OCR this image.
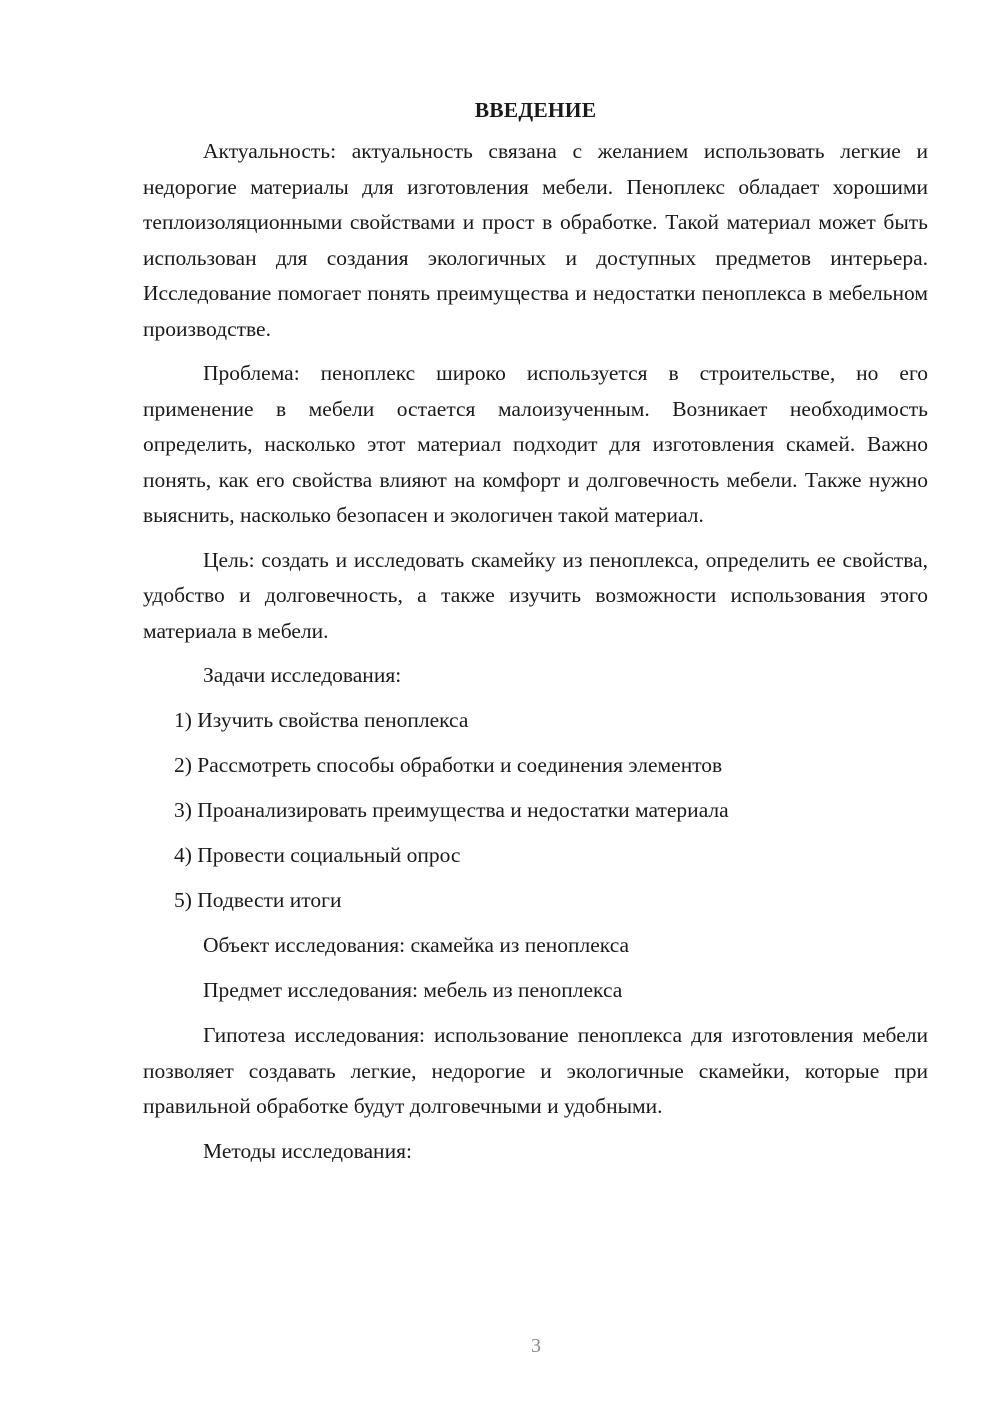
ВВЕДЕНИЕ

Актуальность: актуальность связана с желанием использовать легкие и недорогие материалы для изготовления мебели. Пеноплекс обладает хорошими теплоизоляционными свойствами и прост в обработке. Такой материал может быть использован для создания экологичных и доступных предметов интерьера. Исследование помогает понять преимущества и недостатки пеноплекса в мебельном производстве.

Проблема: пеноплекс широко используется в строительстве, но его применение в мебели остается малоизученным. Возникает необходимость определить, насколько этот материал подходит для изготовления скамей. Важно понять, как его свойства влияют на комфорт и долговечность мебели. Также нужно выяснить, насколько безопасен и экологичен такой материал.

Цель: создать и исследовать скамейку из пеноплекса, определить ее свойства, удобство и долговечность, а также изучить возможности использования этого материала в мебели.

Задачи исследования:
1) Изучить свойства пеноплекса
2) Рассмотреть способы обработки и соединения элементов
3) Проанализировать преимущества и недостатки материала
4) Провести социальный опрос
5) Подвести итоги
Объект исследования: скамейка из пеноплекса
Предмет исследования: мебель из пеноплекса

Гипотеза исследования: использование пеноплекса для изготовления мебели позволяет создавать легкие, недорогие и экологичные скамейки, которые при правильной обработке будут долговечными и удобными.

Методы исследования:
3
